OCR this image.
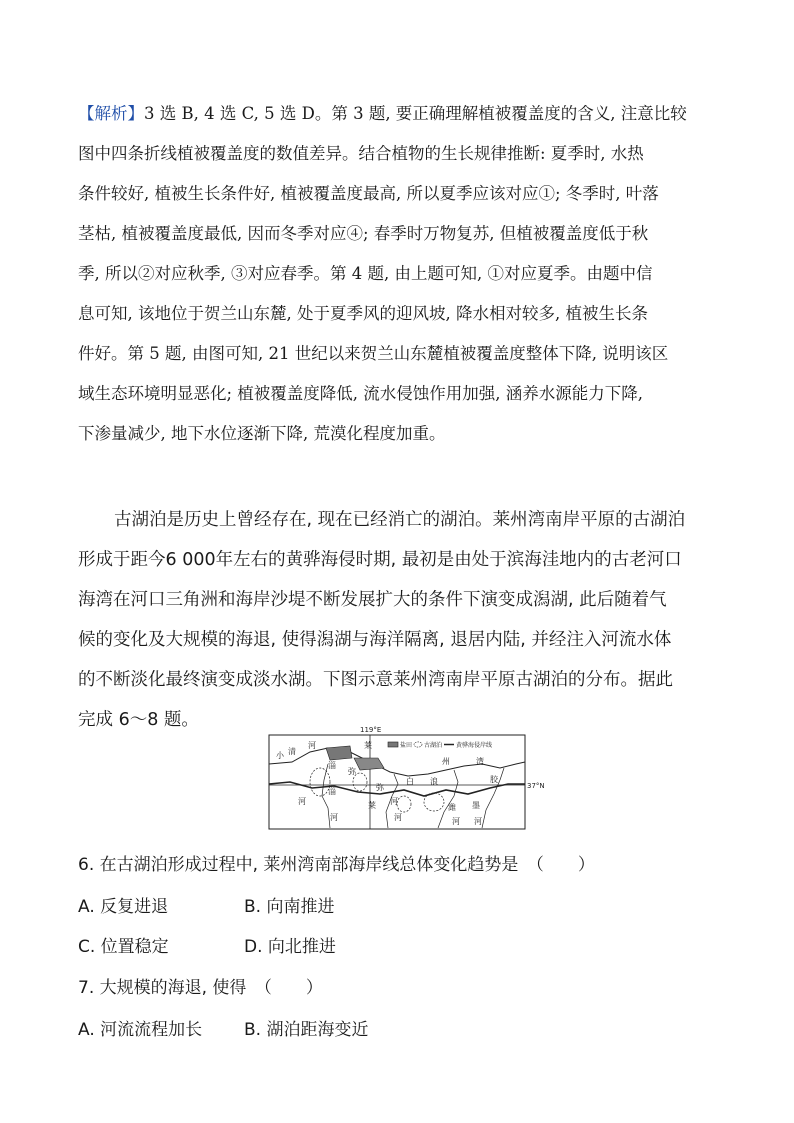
【解析】3 选 B, 4 选 C, 5 选 D。第 3 题, 要正确理解植被覆盖度的含义, 注意比较
图中四条折线植被覆盖度的数值差异。结合植物的生长规律推断: 夏季时, 水热
条件较好, 植被生长条件好, 植被覆盖度最高, 所以夏季应该对应①; 冬季时, 叶落
茎枯, 植被覆盖度最低, 因而冬季对应④; 春季时万物复苏, 但植被覆盖度低于秋
季, 所以②对应秋季, ③对应春季。第 4 题, 由上题可知, ①对应夏季。由题中信
息可知, 该地位于贺兰山东麓, 处于夏季风的迎风坡, 降水相对较多, 植被生长条
件好。第 5 题, 由图可知, 21 世纪以来贺兰山东麓植被覆盖度整体下降, 说明该区
域生态环境明显恶化; 植被覆盖度降低, 流水侵蚀作用加强, 涵养水源能力下降,
下渗量减少, 地下水位逐渐下降, 荒漠化程度加重。
古湖泊是历史上曾经存在, 现在已经消亡的湖泊。莱州湾南岸平原的古湖泊
形成于距今6 000年左右的黄骅海侵时期, 最初是由处于滨海洼地内的古老河口
海湾在河口三角洲和海岸沙堤不断发展扩大的条件下演变成潟湖, 此后随着气
候的变化及大规模的海退, 使得潟湖与海洋隔离, 退居内陆, 并经注入河流水体
的不断淡化最终演变成淡水湖。下图示意莱州湾南岸平原古湖泊的分布。据此
完成 6～8 题。	119°E
37°N
盐田 古湖泊 黄骅海侵岸线
小 清
河
淄
弥
莱
州	湾
白 浪	胶
淄	弥
河
河
河
潍 墨
河 河
莱
河
6. 在古湖泊形成过程中, 莱州湾南部海岸线总体变化趋势是　（　　）
A. 反复进退	B. 向南推进
C. 位置稳定	D. 向北推进
7. 大规模的海退, 使得　（　　）
A. 河流流程加长 B. 湖泊距海变近
